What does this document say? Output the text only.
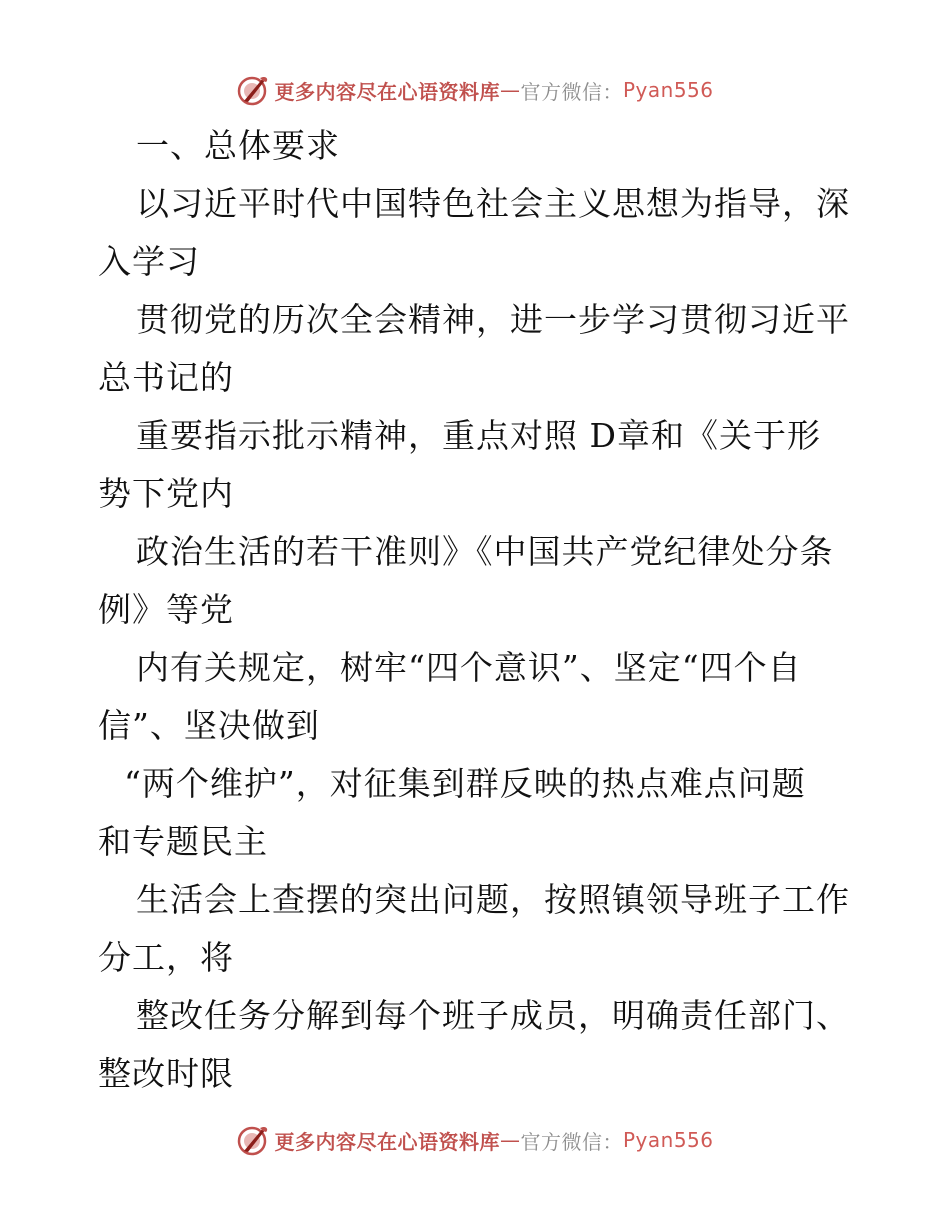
更多内容尽在心语资料库 — 官方微信： Pyan556
一、总体要求
以习近平时代中国特色社会主义思想为指导，深
入学习
贯彻党的历次全会精神，进一步学习贯彻习近平
总书记的
重要指示批示精神，重点对照 D章和《关于形
势下党内
政治生活的若干准则》《中国共产党纪律处分条
例》等党
内有关规定，树牢“四个意识”、坚定“四个自
信”、坚决做到
“两个维护”，对征集到群反映的热点难点问题
和专题民主
生活会上查摆的突出问题，按照镇领导班子工作
分工，将
整改任务分解到每个班子成员，明确责任部门、
整改时限
更多内容尽在心语资料库 — 官方微信： Pyan556
